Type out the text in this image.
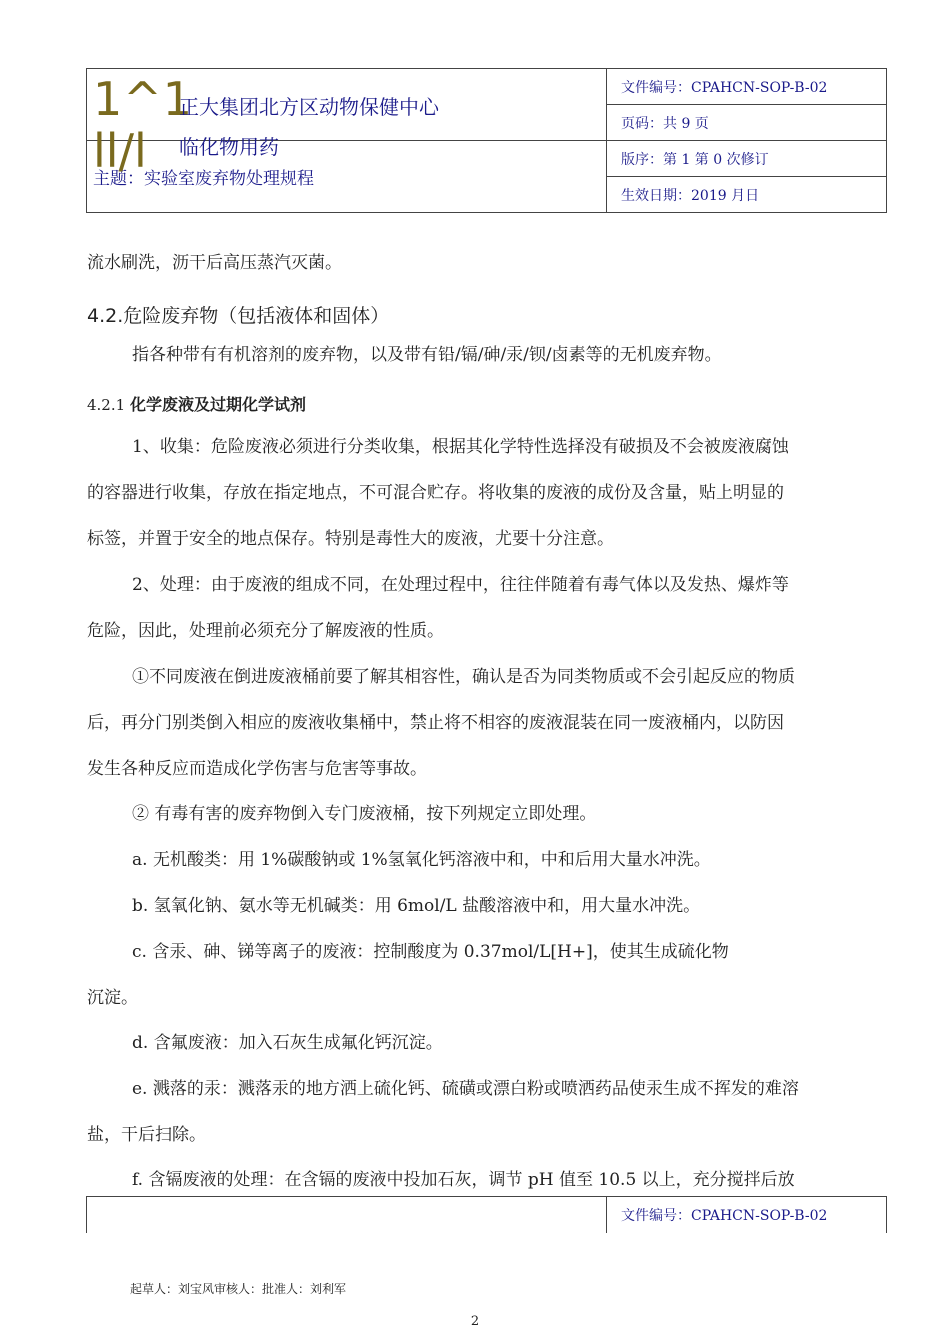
1^1
ll/l
正大集团北方区动物保健中心
临化物用药	文件编号：CPAHCN-SOP-B-02
	页码：共 9 页
主题：实验室废弃物处理规程	版序：第 1 第 0 次修订
	生效日期：2019 月日
流水刷洗，沥干后高压蒸汽灭菌。
4.2.危险废弃物（包括液体和固体）
指各种带有有机溶剂的废弃物，以及带有铅/镉/砷/汞/钡/卤素等的无机废弃物。
4.2.1 化学废液及过期化学试剂
1、收集：危险废液必须进行分类收集，根据其化学特性选择没有破损及不会被废液腐蚀
的容器进行收集，存放在指定地点，不可混合贮存。将收集的废液的成份及含量，贴上明显的
标签，并置于安全的地点保存。特别是毒性大的废液，尤要十分注意。
2、处理：由于废液的组成不同，在处理过程中，往往伴随着有毒气体以及发热、爆炸等
危险，因此，处理前必须充分了解废液的性质。
①不同废液在倒进废液桶前要了解其相容性，确认是否为同类物质或不会引起反应的物质
后，再分门别类倒入相应的废液收集桶中，禁止将不相容的废液混装在同一废液桶内，以防因
发生各种反应而造成化学伤害与危害等事故。
② 有毒有害的废弃物倒入专门废液桶，按下列规定立即处理。
a. 无机酸类：用 1%碳酸钠或 1%氢氧化钙溶液中和，中和后用大量水冲洗。
b. 氢氧化钠、氨水等无机碱类：用 6mol/L 盐酸溶液中和，用大量水冲洗。
c. 含汞、砷、锑等离子的废液：控制酸度为 0.37mol/L[H+]，使其生成硫化物
沉淀。
d. 含氟废液：加入石灰生成氟化钙沉淀。
e. 溅落的汞：溅落汞的地方洒上硫化钙、硫磺或漂白粉或喷洒药品使汞生成不挥发的难溶
盐，干后扫除。
f. 含镉废液的处理：在含镉的废液中投加石灰，调节 pH 值至 10.5 以上，充分搅拌后放
	文件编号：CPAHCN-SOP-B-02
起草人：刘宝风审核人：批准人：刘利军
2
